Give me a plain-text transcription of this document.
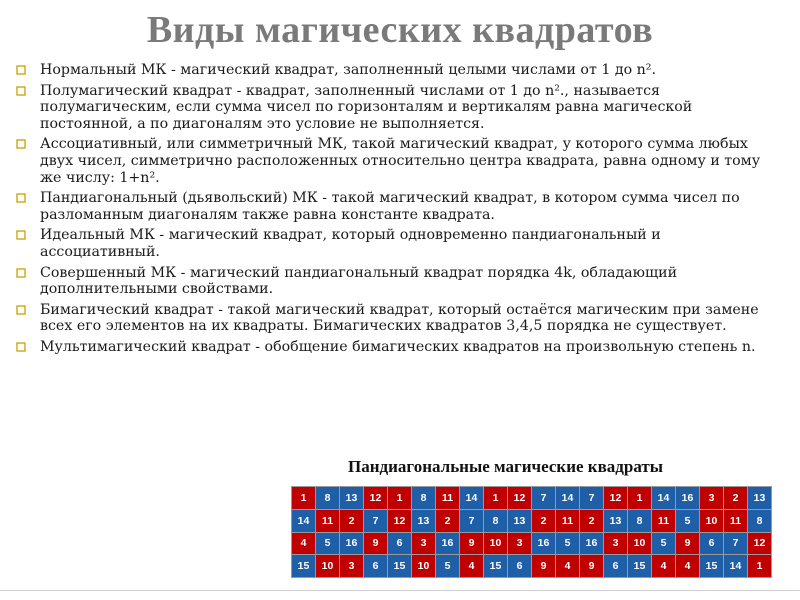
Виды магических квадратов
Нормальный МК - магический квадрат, заполненный целыми числами от 1 до n².
Полумагический квадрат - квадрат, заполненный числами от 1 до n²., называется полумагическим, если сумма чисел по горизонталям и вертикалям равна магической постоянной, а по диагоналям это условие не выполняется.
Ассоциативный, или симметричный МК, такой магический квадрат, у которого сумма любых двух чисел, симметрично расположенных относительно центра квадрата, равна одному и тому же числу: 1+n².
Пандиагональный (дьявольский) МК - такой магический квадрат, в котором сумма чисел по разломанным диагоналям также равна константе квадрата.
Идеальный МК - магический квадрат, который одновременно пандиагональный и ассоциативный.
Совершенный МК - магический пандиагональный квадрат порядка 4k, обладающий дополнительными свойствами.
Бимагический квадрат - такой магический квадрат, который остаётся магическим при замене всех его элементов на их квадраты. Бимагических квадратов 3,4,5 порядка не существует.
Мультимагический квадрат - обобщение бимагических квадратов на произвольную степень n.
Пандиагональные магические квадраты
1	8	13	12
14	11	2	7
4	5	16	9
15	10	3	6
1	8	11	14
12	13	2	7
6	3	16	9
15	10	5	4
1	12	7	14
8	13	2	11
10	3	16	5
15	6	9	4
7	12	1	14
2	13	8	11
16	3	10	5
9	6	15	4
16	3	2	13
5	10	11	8
9	6	7	12
4	15	14	1
